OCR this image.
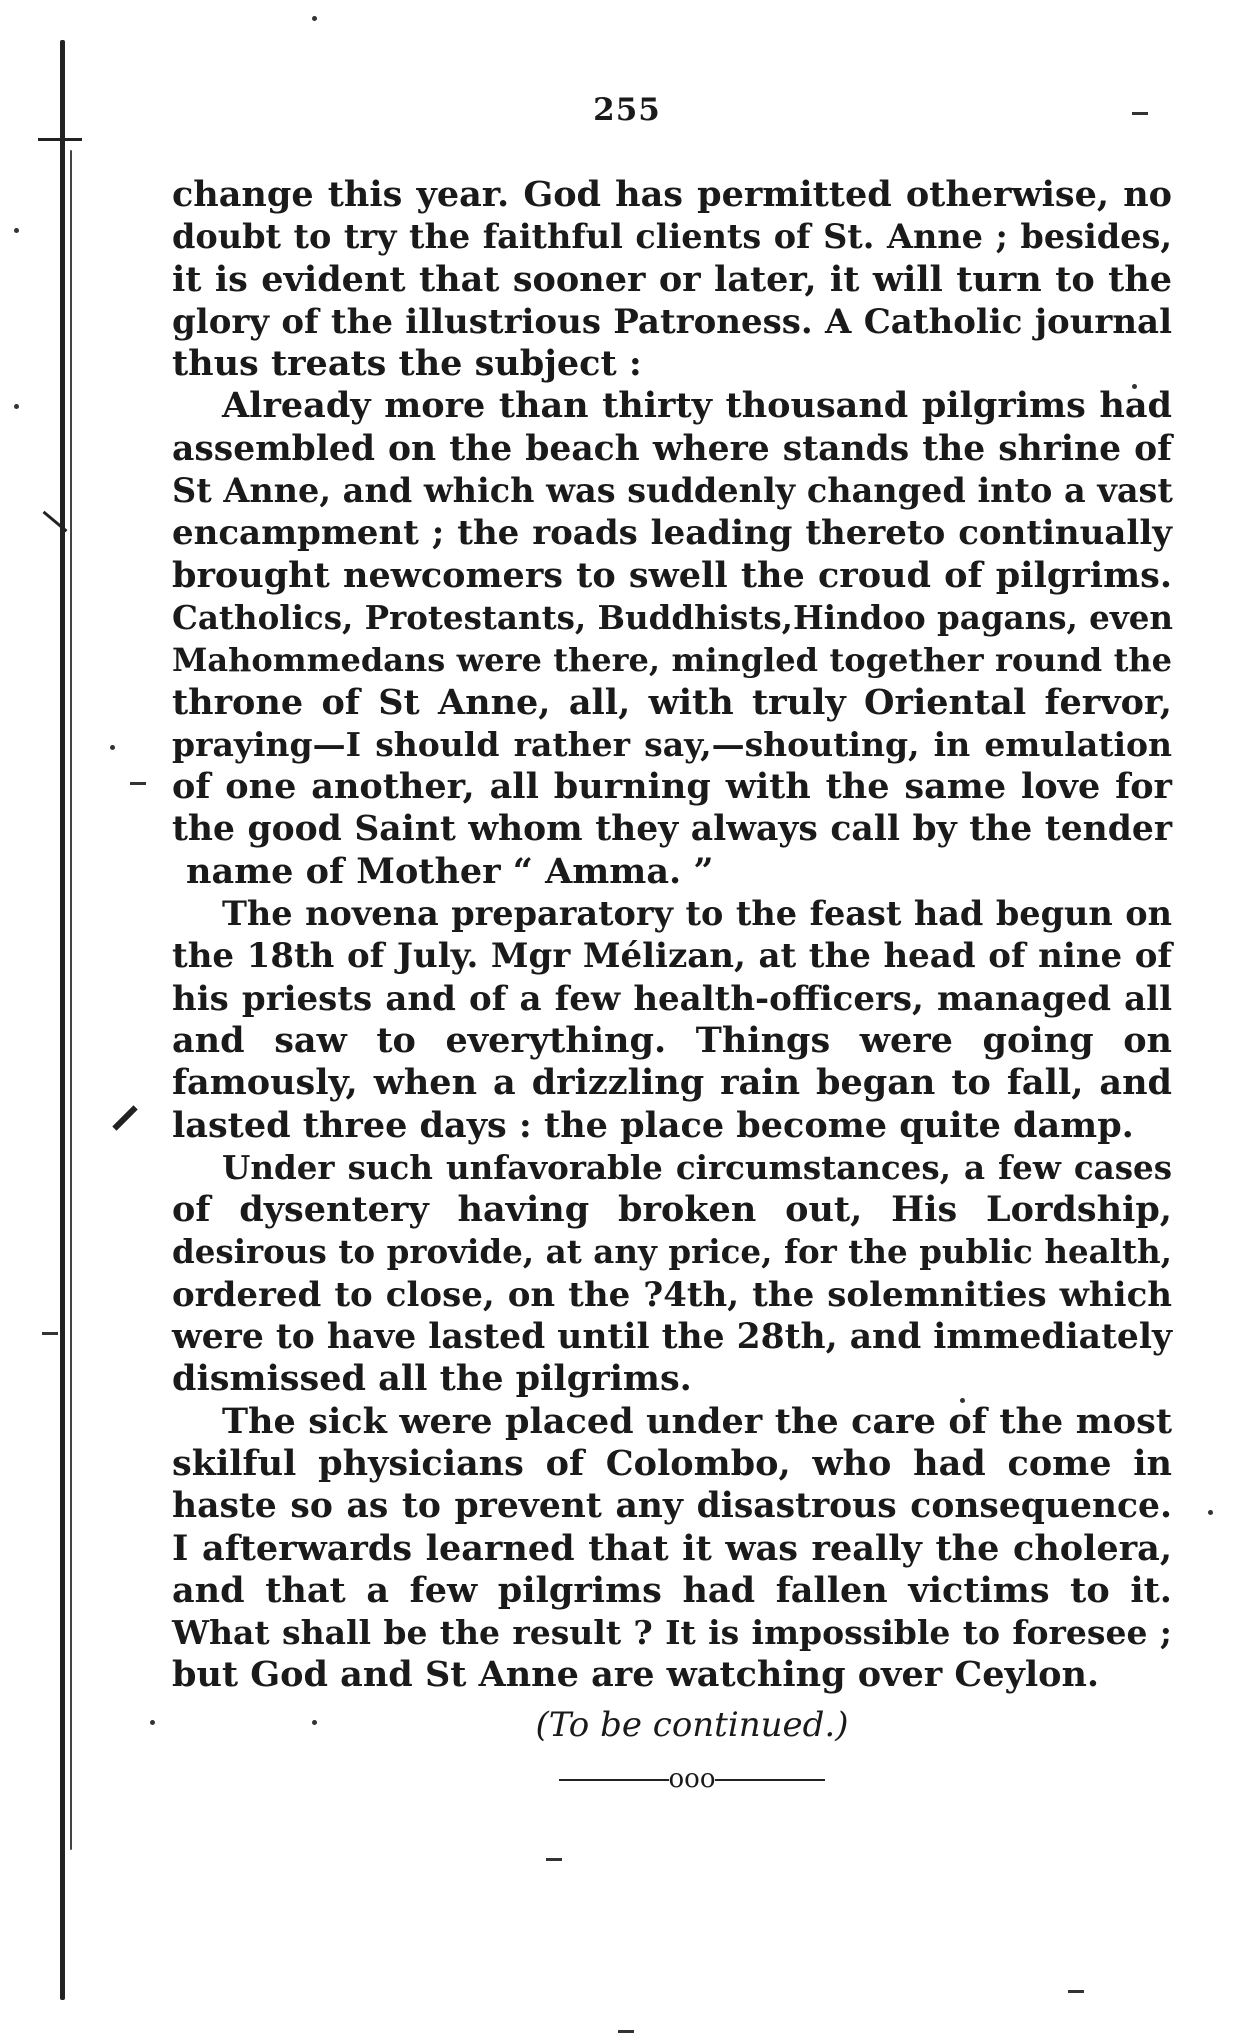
255
change this year. God has permitted otherwise, no
doubt to try the faithful clients of St. Anne ; besides,
it is evident that sooner or later, it will turn to the
glory of the illustrious Patroness. A Catholic journal
thus treats the subject :
Already more than thirty thousand pilgrims had
assembled on the beach where stands the shrine of
St Anne, and which was suddenly changed into a vast
encampment ; the roads leading thereto continually
brought newcomers to swell the croud of pilgrims.
Catholics, Protestants, Buddhists,Hindoo pagans, even
Mahommedans were there, mingled together round the
throne of St Anne, all, with truly Oriental fervor,
praying—I should rather say,—shouting, in emulation
of one another, all burning with the same love for
the good Saint whom they always call by the tender
name of Mother “ Amma. ”
The novena preparatory to the feast had begun on
the 18th of July. Mgr Mélizan, at the head of nine of
his priests and of a few health-officers, managed all
and saw to everything. Things were going on
famously, when a drizzling rain began to fall, and
lasted three days : the place become quite damp.
Under such unfavorable circumstances, a few cases
of dysentery having broken out, His Lordship,
desirous to provide, at any price, for the public health,
ordered to close, on the ?4th, the solemnities which
were to have lasted until the 28th, and immediately
dismissed all the pilgrims.
The sick were placed under the care of the most
skilful physicians of Colombo, who had come in
haste so as to prevent any disastrous consequence.
I afterwards learned that it was really the cholera,
and that a few pilgrims had fallen victims to it.
What shall be the result ? It is impossible to foresee ;
but God and St Anne are watching over Ceylon.
(To be continued.)
ooo
